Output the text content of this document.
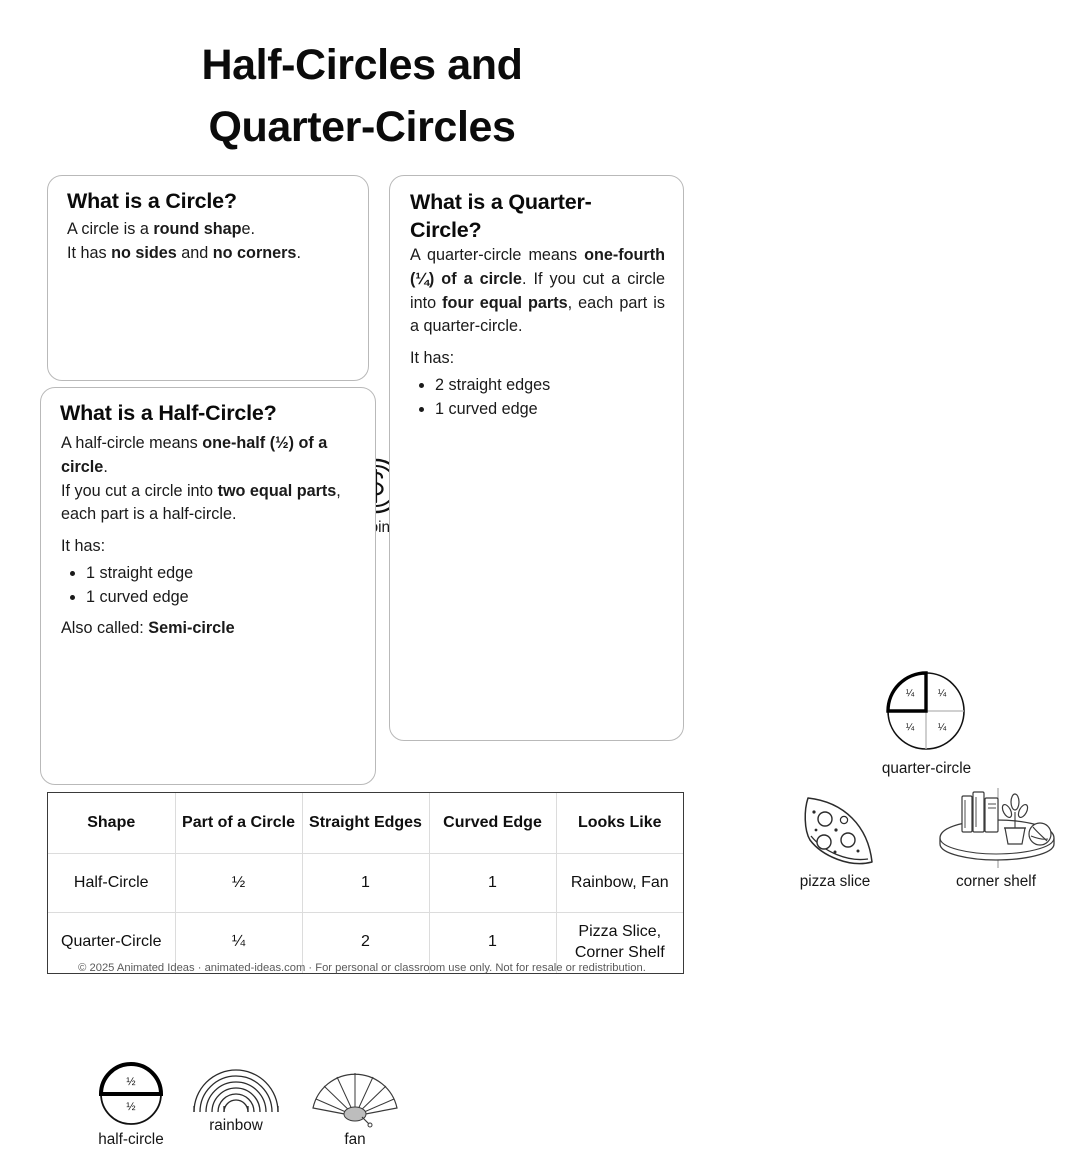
Half-Circles and
Quarter-Circles
What is a Circle?
A circle is a round shape.
It has no sides and no corners.
What is a Half-Circle?
A half-circle means one-half (½) of a circle.
If you cut a circle into two equal parts, each part is a half-circle.
It has:
• 1 straight edge
• 1 curved edge
Also called: Semi-circle
½
½
half-circle
rainbow
fan
What is a Quarter-Circle?
A quarter-circle means one-fourth (¼) of a circle. If you cut a circle into four equal parts, each part is a quarter-circle.
It has:
• 2 straight edges
• 1 curved edge
¼ ¼
¼ ¼
quarter-circle
pizza slice	corner shelf
Shape	Part of a Circle	Straight Edges	Curved Edge	Looks Like
Half-Circle	½	1	1	Rainbow, Fan
Quarter-Circle	¼	2	1	Pizza Slice, Corner Shelf
© 2025 Animated Ideas · animated-ideas.com · For personal or classroom use only. Not for resale or redistribution.
